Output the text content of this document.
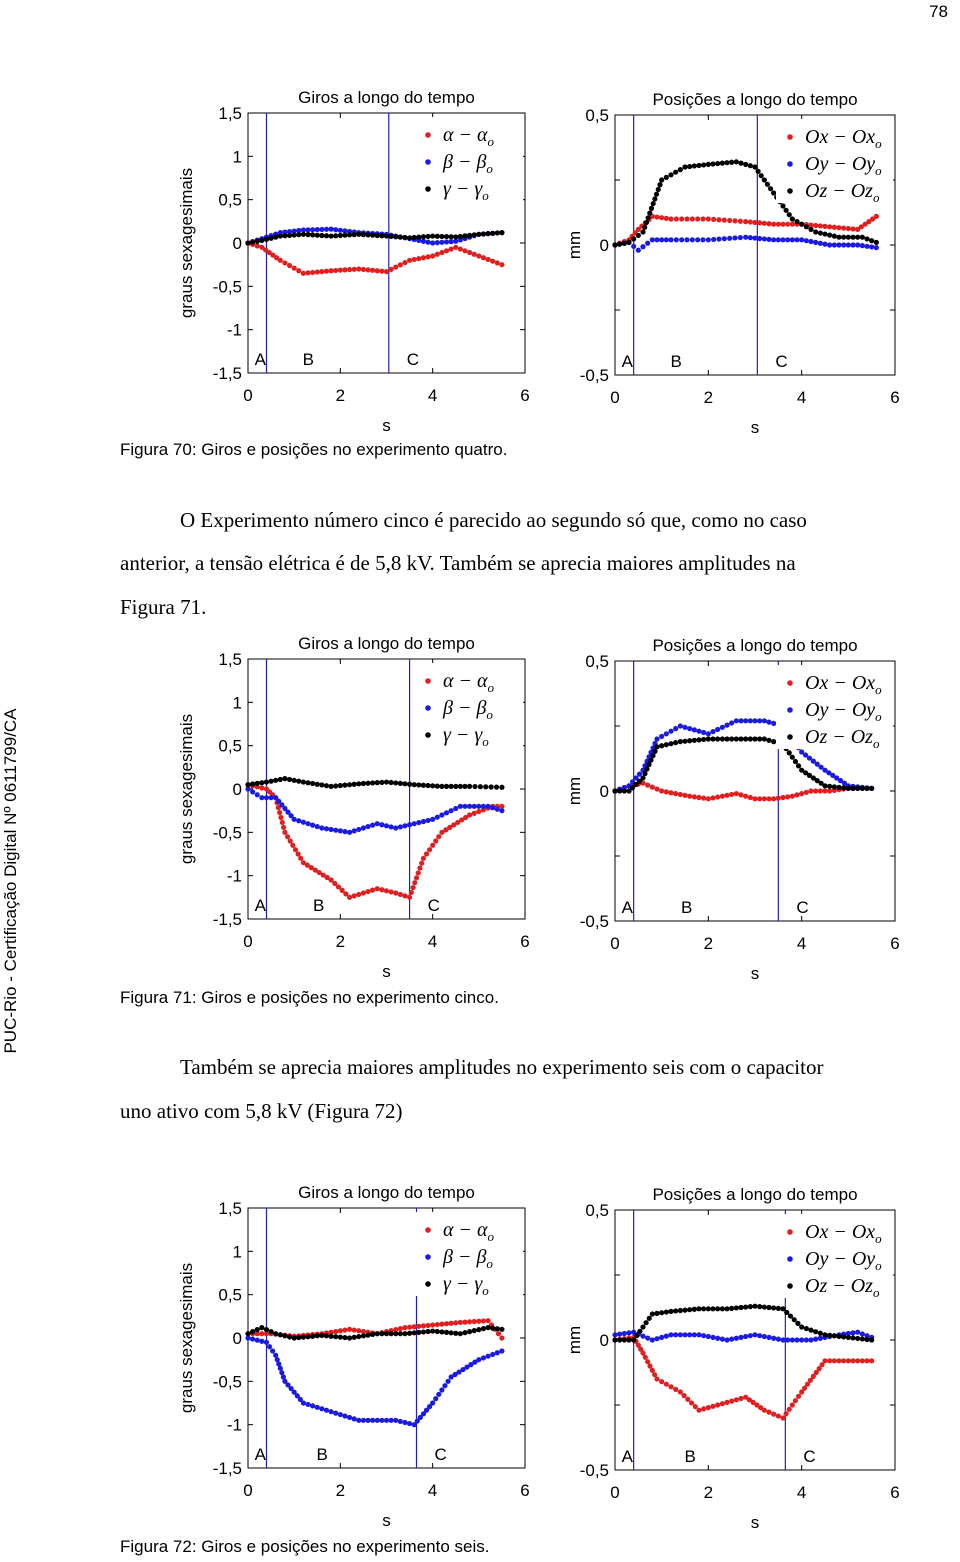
78
PUC-Rio - Certificação Digital Nº 0611799/CA
Giros a longo do tempo
graus sexagesimais
s
0	2	4	6
1,5
1
0,5
0
-0,5
-1
-1,5
A B	C
$\alpha - \alpha_o$
$\beta - \beta_o$
$\gamma - \gamma_o$
Posições a longo do tempo
mm
s
0	2	4	6
0,5
0
-0,5
A B	C
$Ox - Ox_o$
$Oy - Oy_o$
$Oz - Oz_o$
Figura 70: Giros e posições no experimento quatro.
O Experimento número cinco é parecido ao segundo só que, como no caso
anterior, a tensão elétrica é de 5,8 kV. Também se aprecia maiores amplitudes na
Figura 71.
Giros a longo do tempo
graus sexagesimais
s
0	2	4	6
1,5
1
0,5
0
-0,5
-1
-1,5
A	B	C
$\alpha - \alpha_o$
$\beta - \beta_o$
$\gamma - \gamma_o$
Posições a longo do tempo
mm
s
0	2	4	6
0,5
0
-0,5
A	B	C
$Ox - Ox_o$
$Oy - Oy_o$
$Oz - Oz_o$
Figura 71: Giros e posições no experimento cinco.
Também se aprecia maiores amplitudes no experimento seis com o capacitor
uno ativo com 5,8 kV (Figura 72)
Giros a longo do tempo
graus sexagesimais
s
0	2	4	6
1,5
1
0,5
0
-0,5
-1
-1,5
A	B	C
$\alpha - \alpha_o$
$\beta - \beta_o$
$\gamma - \gamma_o$
Posições a longo do tempo
mm
s
0	2	4	6
0,5
0
-0,5
A	B	C
$Ox - Ox_o$
$Oy - Oy_o$
$Oz - Oz_o$
Figura 72: Giros e posições no experimento seis.
